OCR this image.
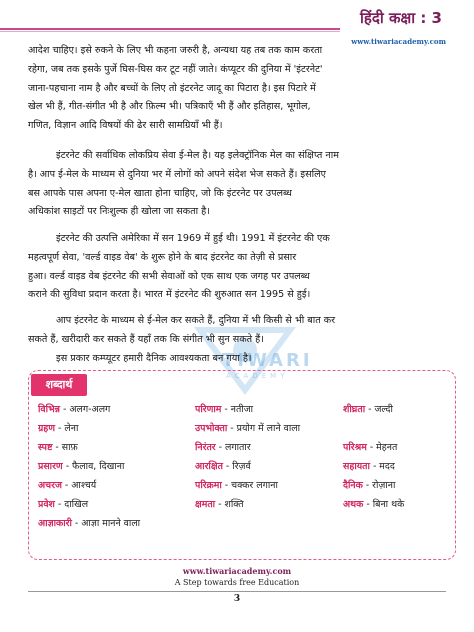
हिंदी कक्षा : 3
www.tiwariacademy.com
TIWARI
ACADEMY
आदेश चाहिए। इसे रुकने के लिए भी कहना जरुरी है, अन्यथा यह तब तक काम करता
रहेगा, जब तक इसके पुर्जे घिस-घिस कर टूट नहीं जाते। कंप्यूटर की दुनिया में 'इंटरनेट'
जाना-पहचाना नाम है और बच्चों के लिए तो इंटरनेट जादू का पिटारा है। इस पिटारे में
खेल भी हैं, गीत-संगीत भी है और फ़िल्म भी। पत्रिकाएँ भी हैं और इतिहास, भूगोल,
गणित, विज्ञान आदि विषयों की ढेर सारी सामग्रियाँ भी हैं।
इंटरनेट की सर्वाधिक लोकप्रिय सेवा ई-मेल है। यह इलेक्ट्रॉनिक मेल का संक्षिप्त नाम
है। आप ई-मेल के माध्यम से दुनिया भर में लोगों को अपने संदेश भेज सकते हैं। इसलिए
बस आपके पास अपना ए-मेल खाता होना चाहिए, जो कि इंटरनेट पर उपलब्ध
अधिकांश साइटों पर निःशुल्क ही खोला जा सकता है।
इंटरनेट की उत्पत्ति अमेरिका में सन 1969 में हुई थी। 1991 में इंटरनेट की एक
महत्वपूर्ण सेवा, 'वर्ल्ड वाइड वेब' के शुरू होने के बाद इंटरनेट का तेज़ी से प्रसार
हुआ। वर्ल्ड वाइड वेब इंटरनेट की सभी सेवाओं को एक साथ एक जगह पर उपलब्ध
कराने की सुविधा प्रदान करता है। भारत में इंटरनेट की शुरुआत सन 1995 से हुई।
आप इंटरनेट के माध्यम से ई-मेल कर सकते हैं, दुनिया में भी किसी से भी बात कर
सकते हैं, खरीदारी कर सकते हैं यहाँ तक कि संगीत भी सुन सकते हैं।
इस प्रकार कम्प्यूटर हमारी दैनिक आवश्यकता बन गया है।
शब्दार्थ
विभिन्न - अलग-अलग	परिणाम - नतीजा	शीघ्रता - जल्दी
ग्रहण - लेना	उपभोक्ता - प्रयोग में लाने वाला
स्पष्ट - साफ़	निरंतर - लगातार	परिश्रम - मेहनत
प्रसारण - फैलाव, दिखाना	आरक्षित - रिज़र्व	सहायता - मदद
अचरज - आश्चर्य	परिक्रमा - चक्कर लगाना	दैनिक - रोज़ाना
प्रवेश - दाखिल	क्षमता - शक्ति	अथक - बिना थके
आज्ञाकारी - आज्ञा मानने वाला
www.tiwariacademy.com
A Step towards free Education
3
